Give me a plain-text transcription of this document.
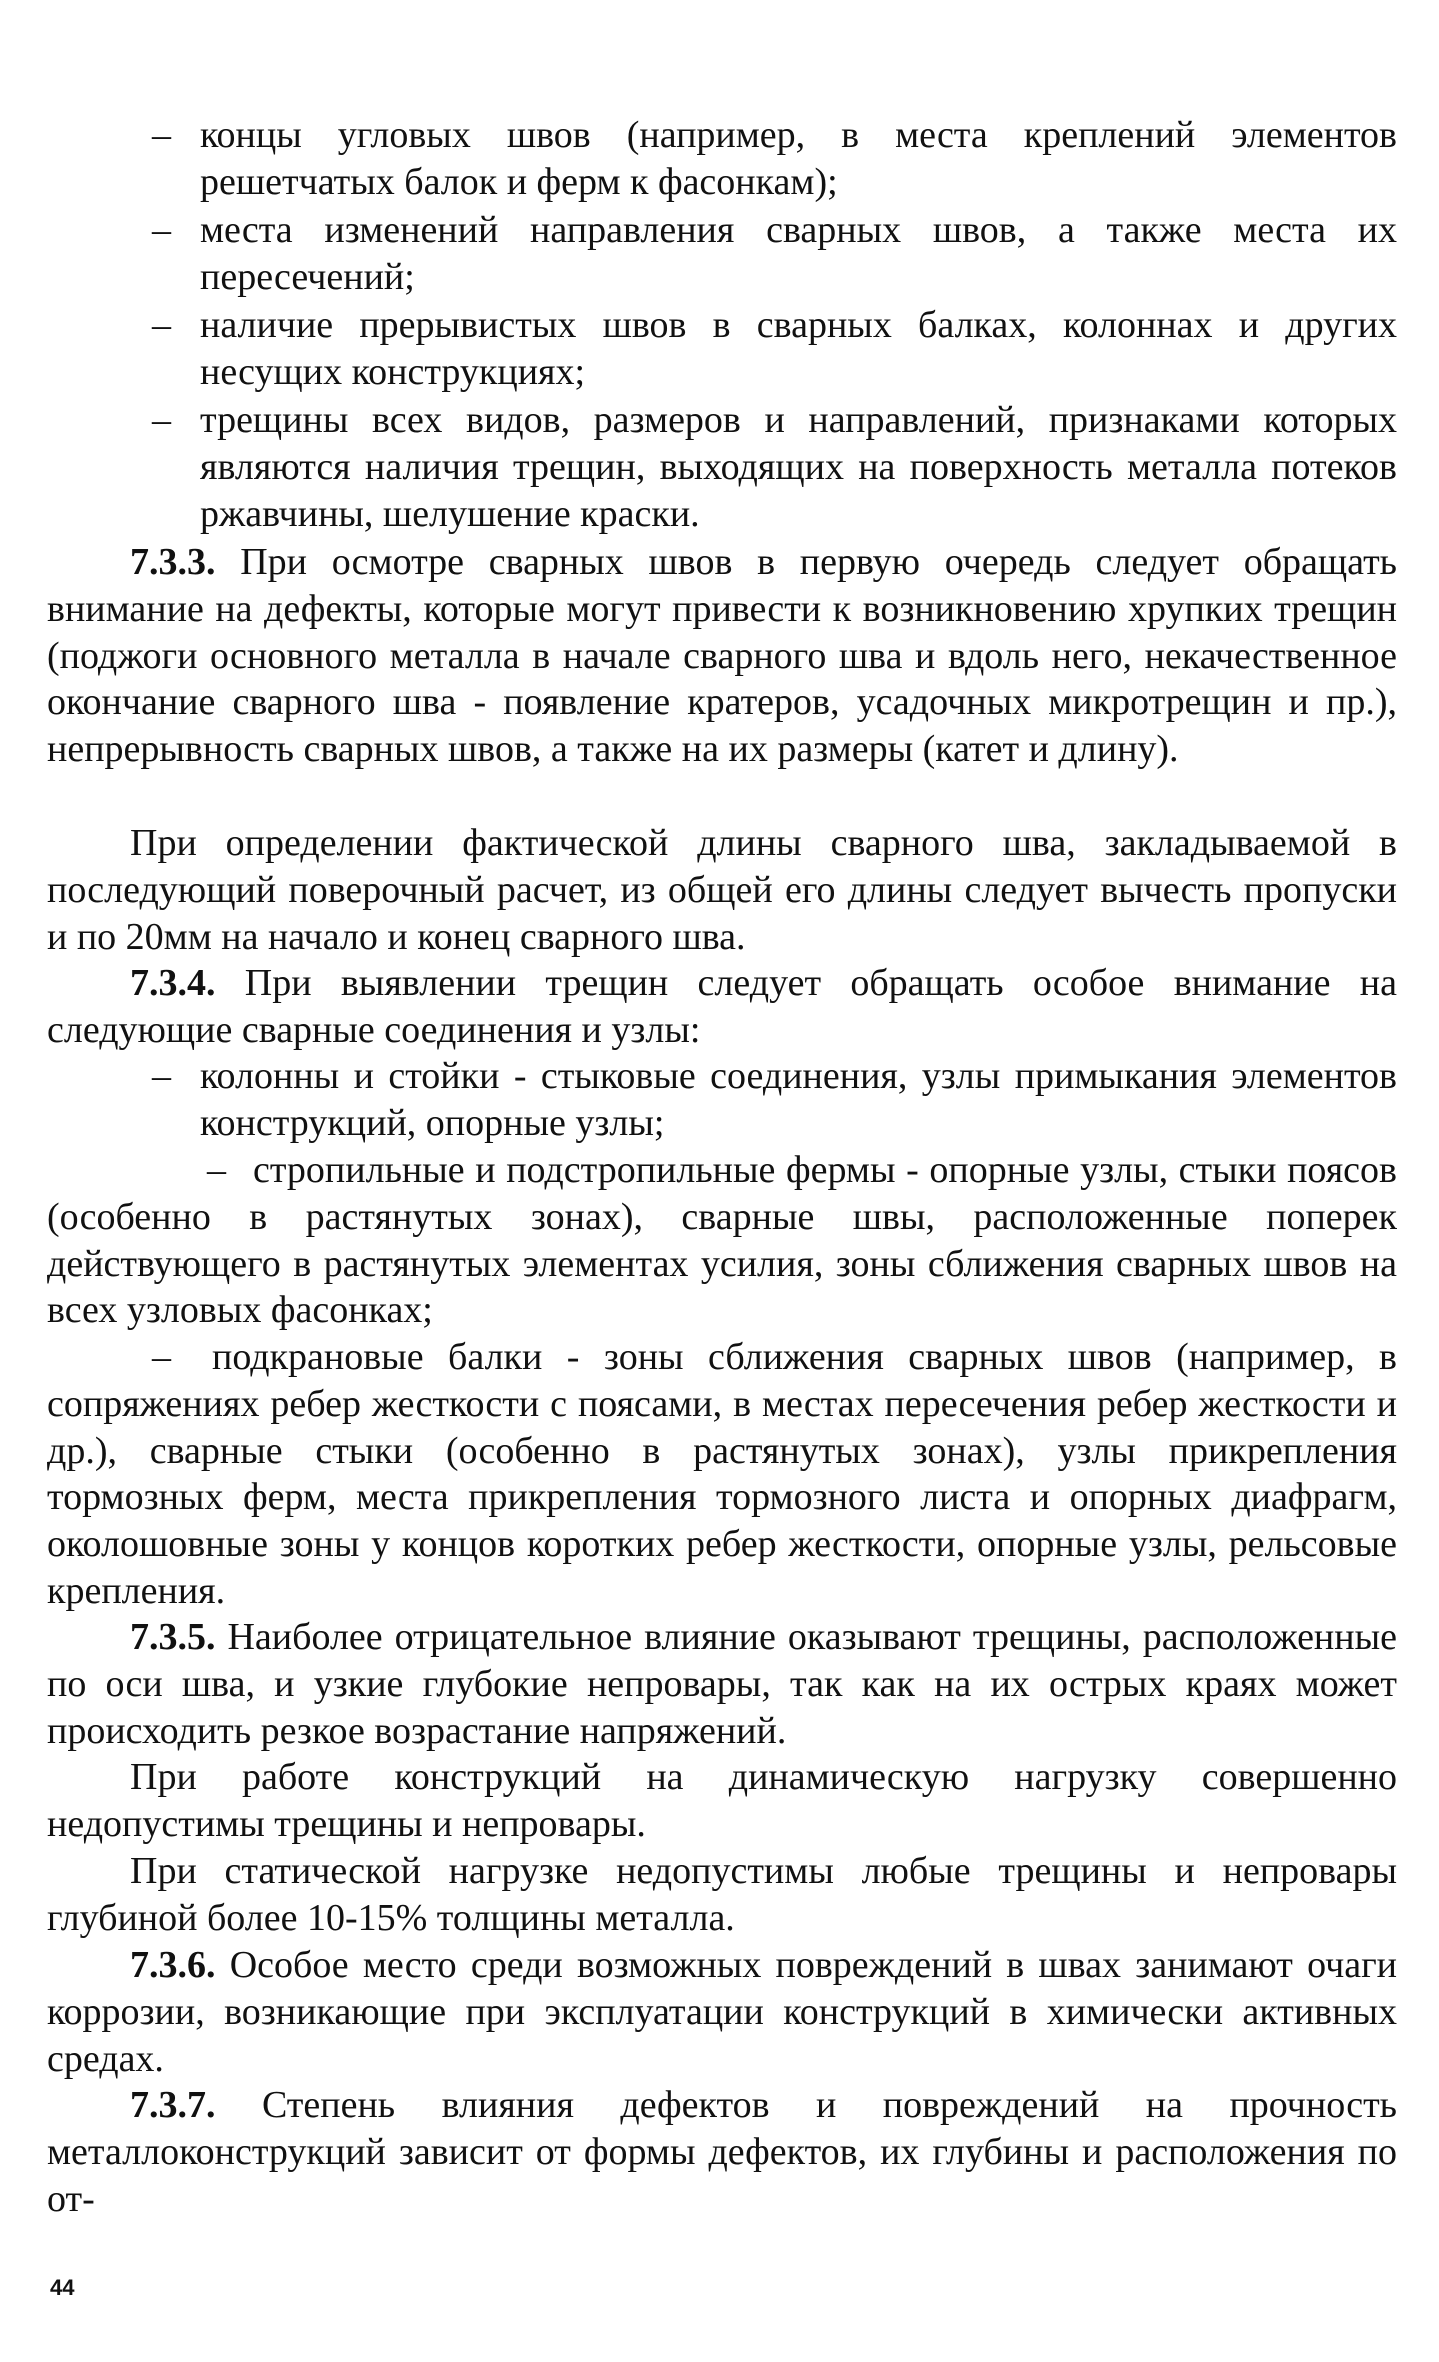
– концы угловых швов (например, в места креплений элементов решетчатых балок и ферм к фасонкам);

– места изменений направления сварных швов, а также места их пересечений;

– наличие прерывистых швов в сварных балках, колоннах и других несущих конструкциях;

– трещины всех видов, размеров и направлений, признаками которых являются наличия трещин, выходящих на поверхность металла потеков ржавчины, шелушение краски.

7.3.3. При осмотре сварных швов в первую очередь следует обращать внимание на дефекты, которые могут привести к возникновению хрупких трещин (поджоги основного металла в начале сварного шва и вдоль него, некачественное окончание сварного шва - появление кратеров, усадочных микротрещин и пр.), непрерывность сварных швов, а также на их размеры (катет и длину).

При определении фактической длины сварного шва, закладываемой в последующий поверочный расчет, из общей его длины следует вычесть пропуски и по 20мм на начало и конец сварного шва.

7.3.4. При выявлении трещин следует обращать особое внимание на следующие сварные соединения и узлы:

– колонны и стойки - стыковые соединения, узлы примыкания элементов конструкций, опорные узлы;

– стропильные и подстропильные фермы - опорные узлы, стыки поясов (особенно в растянутых зонах), сварные швы, расположенные поперек действующего в растянутых элементах усилия, зоны сближения сварных швов на всех узловых фасонках;

–	подкрановые балки - зоны сближения сварных швов (например, в сопряжениях ребер жесткости с поясами, в местах пересечения ребер жесткости и др.), сварные стыки (особенно в растянутых зонах), узлы прикрепления тормозных ферм, места прикрепления тормозного листа и опорных диафрагм, околошовные зоны у концов коротких ребер жесткости, опорные узлы, рельсовые крепления.

7.3.5. Наиболее отрицательное влияние оказывают трещины, расположенные по оси шва, и узкие глубокие непровары, так как на их острых краях может происходить резкое возрастание напряжений.

При работе конструкций на динамическую нагрузку совершенно недопустимы трещины и непровары.

При статической нагрузке недопустимы любые трещины и непровары глубиной более 10-15% толщины металла.

7.3.6. Особое место среди возможных повреждений в швах занимают очаги коррозии, возникающие при эксплуатации конструкций в химически активных средах.

7.3.7. Степень влияния дефектов и повреждений на прочность металлоконструкций зависит от формы дефектов, их глубины и расположения по от-

44
